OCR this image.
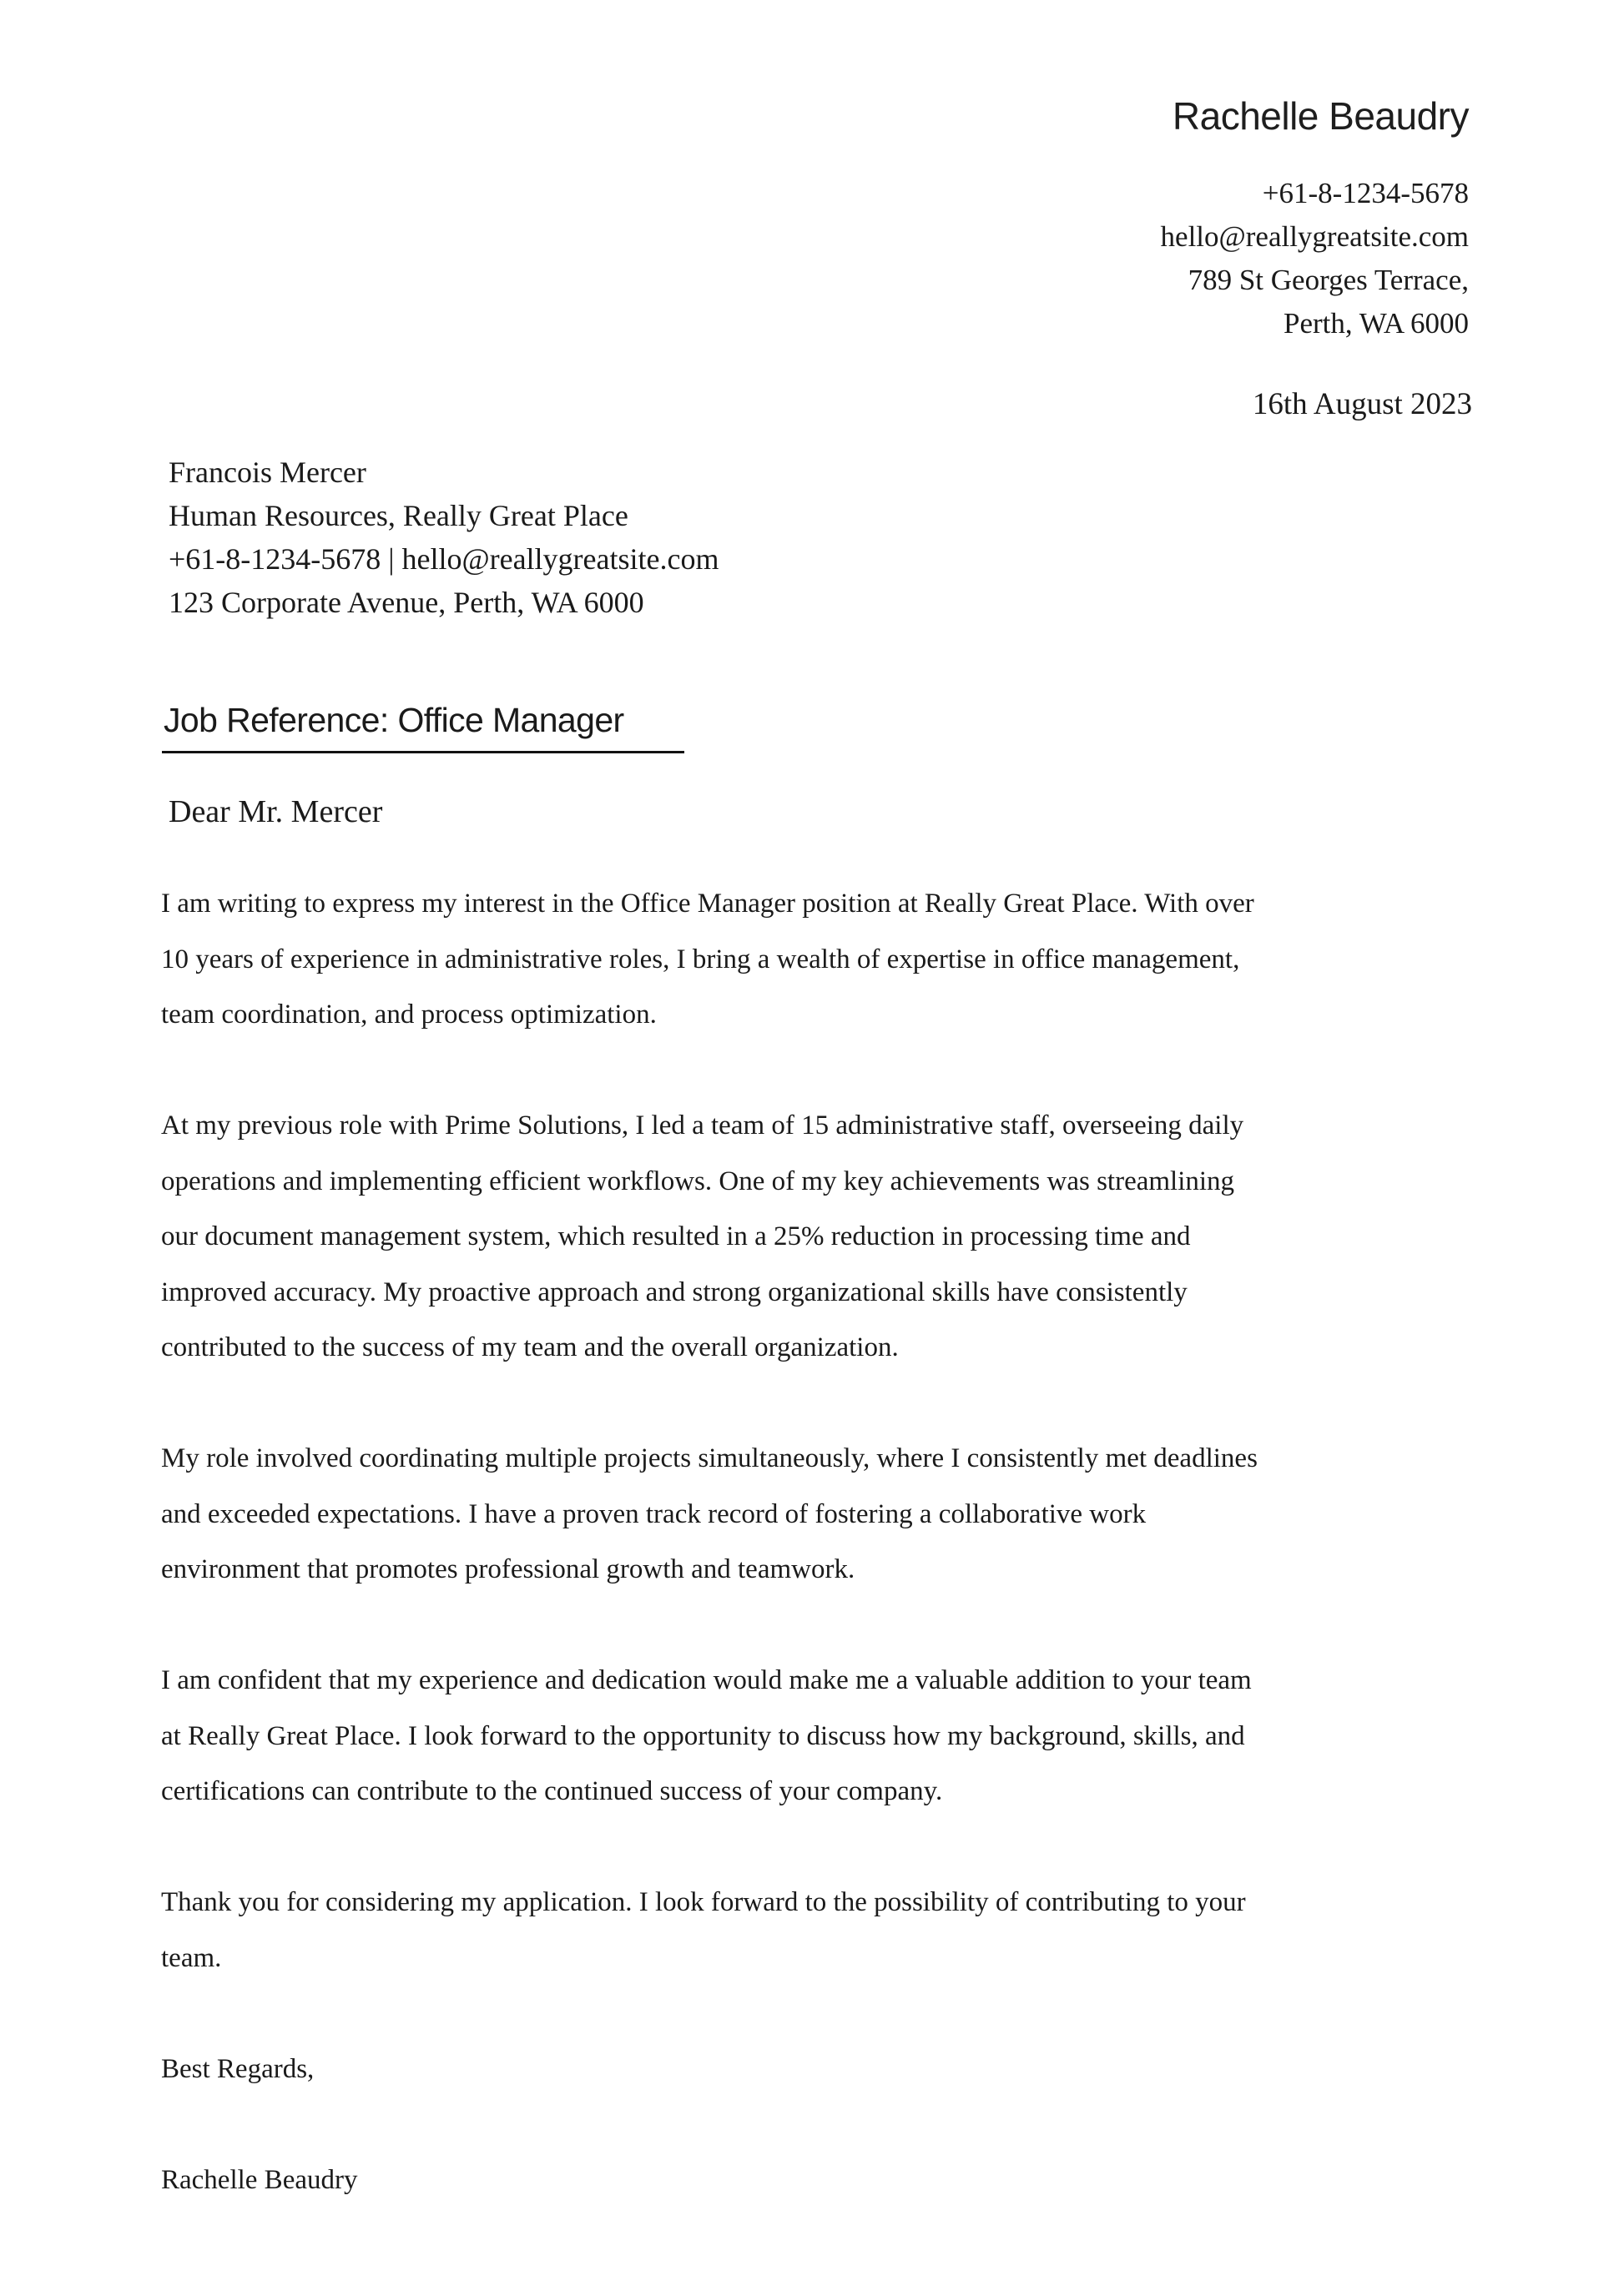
Rachelle Beaudry
+61-8-1234-5678
hello@reallygreatsite.com
789 St Georges Terrace,
Perth, WA 6000
16th August 2023
Francois Mercer
Human Resources, Really Great Place
+61-8-1234-5678 | hello@reallygreatsite.com
123 Corporate Avenue, Perth, WA 6000
Job Reference: Office Manager
Dear Mr. Mercer

I am writing to express my interest in the Office Manager position at Really Great Place. With over
10 years of experience in administrative roles, I bring a wealth of expertise in office management,
team coordination, and process optimization.

At my previous role with Prime Solutions, I led a team of 15 administrative staff, overseeing daily
operations and implementing efficient workflows. One of my key achievements was streamlining
our document management system, which resulted in a 25% reduction in processing time and
improved accuracy. My proactive approach and strong organizational skills have consistently
contributed to the success of my team and the overall organization.

My role involved coordinating multiple projects simultaneously, where I consistently met deadlines
and exceeded expectations. I have a proven track record of fostering a collaborative work
environment that promotes professional growth and teamwork.

I am confident that my experience and dedication would make me a valuable addition to your team
at Really Great Place. I look forward to the opportunity to discuss how my background, skills, and
certifications can contribute to the continued success of your company.

Thank you for considering my application. I look forward to the possibility of contributing to your
team.

Best Regards,

Rachelle Beaudry
